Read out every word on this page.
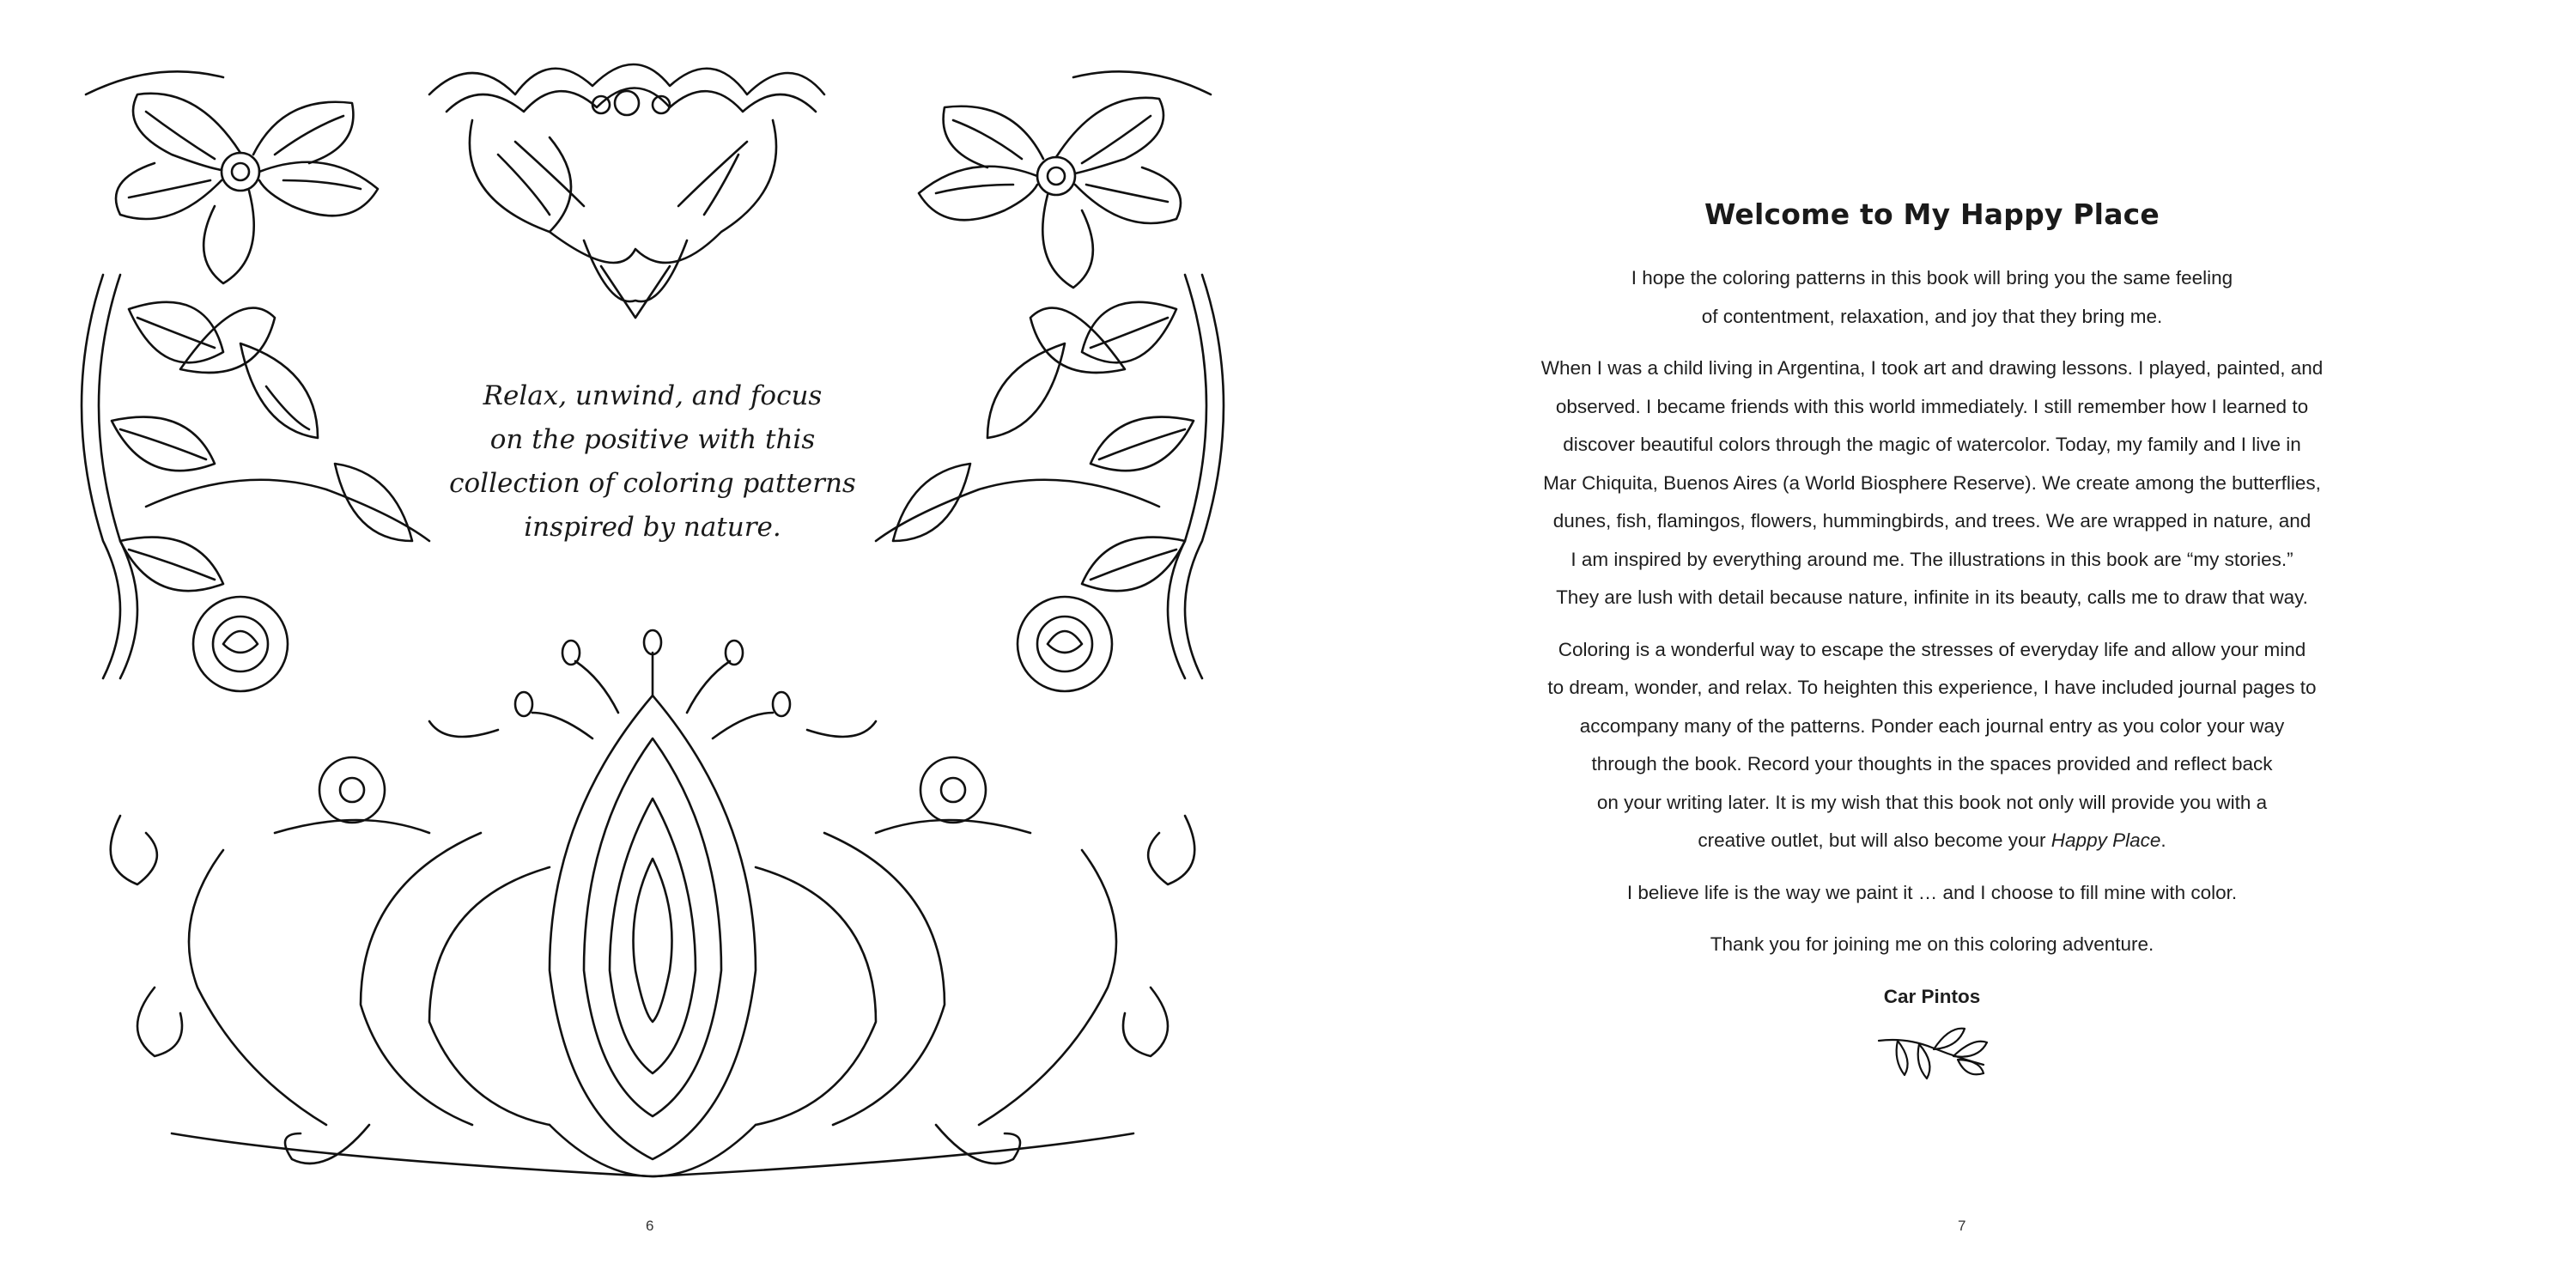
Relax, unwind, and focus
on the positive with this
collection of coloring patterns
inspired by nature.
6
Welcome to My Happy Place
I hope the coloring patterns in this book will bring you the same feeling
of contentment, relaxation, and joy that they bring me.
When I was a child living in Argentina, I took art and drawing lessons. I played, painted, and
observed. I became friends with this world immediately. I still remember how I learned to
discover beautiful colors through the magic of watercolor. Today, my family and I live in
Mar Chiquita, Buenos Aires (a World Biosphere Reserve). We create among the butterflies,
dunes, fish, flamingos, flowers, hummingbirds, and trees. We are wrapped in nature, and
I am inspired by everything around me. The illustrations in this book are “my stories.”
They are lush with detail because nature, infinite in its beauty, calls me to draw that way.
Coloring is a wonderful way to escape the stresses of everyday life and allow your mind
to dream, wonder, and relax. To heighten this experience, I have included journal pages to
accompany many of the patterns. Ponder each journal entry as you color your way
through the book. Record your thoughts in the spaces provided and reflect back
on your writing later. It is my wish that this book not only will provide you with a
creative outlet, but will also become your Happy Place.
I believe life is the way we paint it … and I choose to fill mine with color.
Thank you for joining me on this coloring adventure.
Car Pintos
7
